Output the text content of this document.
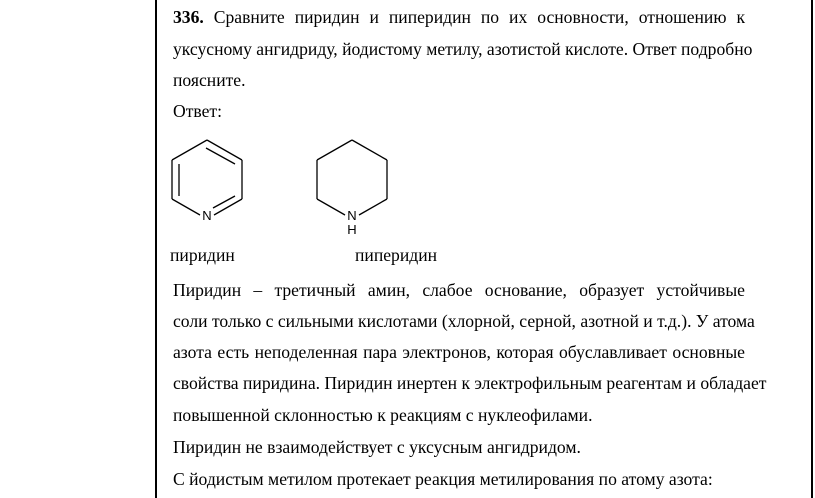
336. Сравните пиридин и пиперидин по их основности, отношению к
уксусному ангидриду, йодистому метилу, азотистой кислоте. Ответ подробно
поясните.
Ответ:
N	N
H
пиридин	пиперидин
Пиридин – третичный амин, слабое основание, образует устойчивые
соли только с сильными кислотами (хлорной, серной, азотной и т.д.). У атома
азота есть неподеленная пара электронов, которая обуславливает основные
свойства пиридина. Пиридин инертен к электрофильным реагентам и обладает
повышенной склонностью к реакциям с нуклеофилами.
Пиридин не взаимодействует с уксусным ангидридом.
С йодистым метилом протекает реакция метилирования по атому азота:
